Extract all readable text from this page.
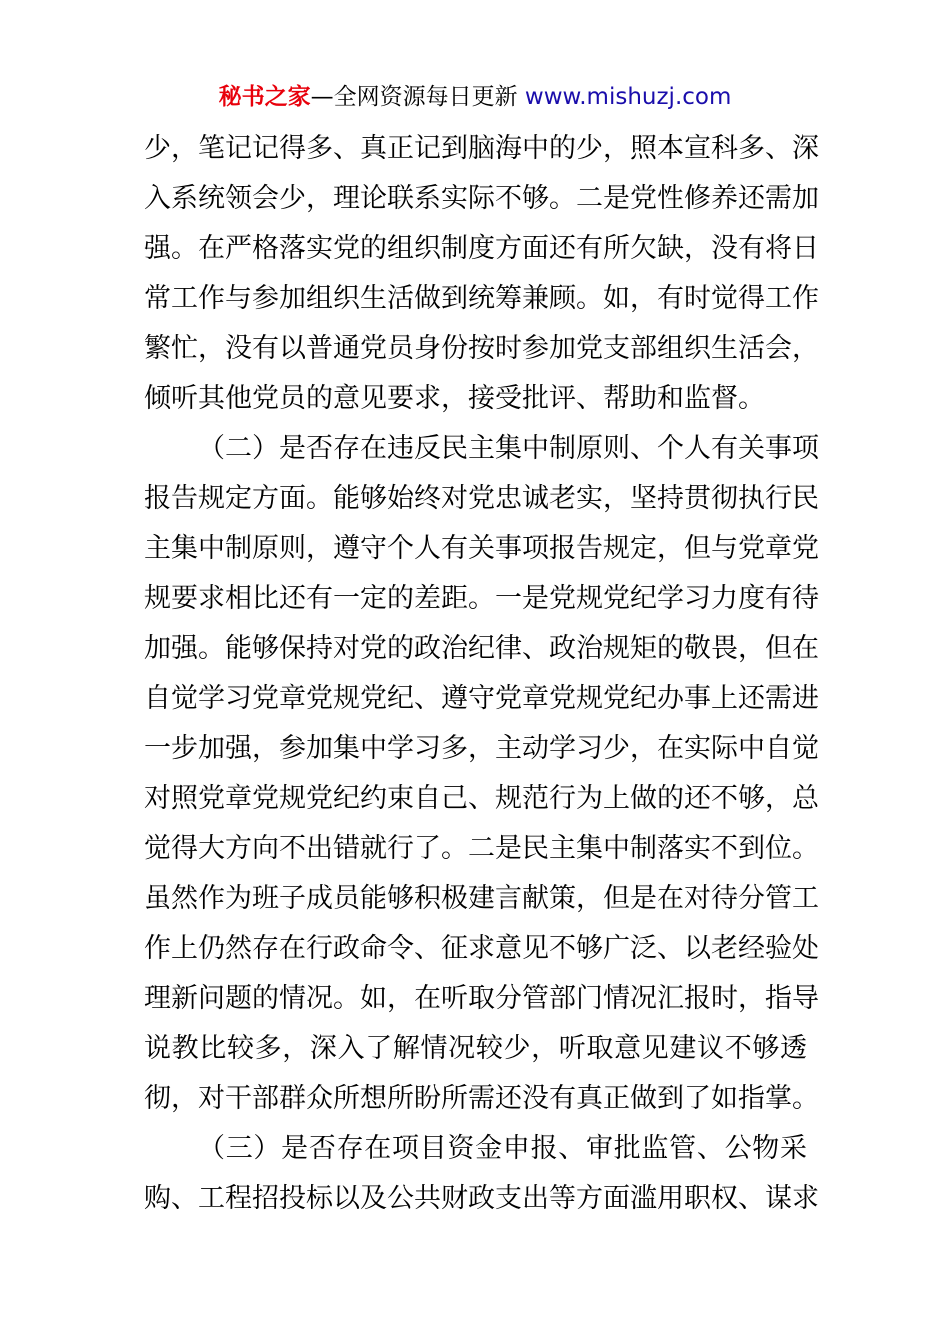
秘书之家—全网资源每日更新 www.mishuzj.com
少，笔记记得多、真正记到脑海中的少，照本宣科多、深
入系统领会少，理论联系实际不够。二是党性修养还需加
强。在严格落实党的组织制度方面还有所欠缺，没有将日
常工作与参加组织生活做到统筹兼顾。如，有时觉得工作
繁忙，没有以普通党员身份按时参加党支部组织生活会，
倾听其他党员的意见要求，接受批评、帮助和监督。
（二）是否存在违反民主集中制原则、个人有关事项
报告规定方面。能够始终对党忠诚老实，坚持贯彻执行民
主集中制原则，遵守个人有关事项报告规定，但与党章党
规要求相比还有一定的差距。一是党规党纪学习力度有待
加强。能够保持对党的政治纪律、政治规矩的敬畏，但在
自觉学习党章党规党纪、遵守党章党规党纪办事上还需进
一步加强，参加集中学习多，主动学习少，在实际中自觉
对照党章党规党纪约束自己、规范行为上做的还不够，总
觉得大方向不出错就行了。二是民主集中制落实不到位。
虽然作为班子成员能够积极建言献策，但是在对待分管工
作上仍然存在行政命令、征求意见不够广泛、以老经验处
理新问题的情况。如，在听取分管部门情况汇报时，指导
说教比较多，深入了解情况较少，听取意见建议不够透
彻，对干部群众所想所盼所需还没有真正做到了如指掌。
（三）是否存在项目资金申报、审批监管、公物采
购、工程招投标以及公共财政支出等方面滥用职权、谋求
